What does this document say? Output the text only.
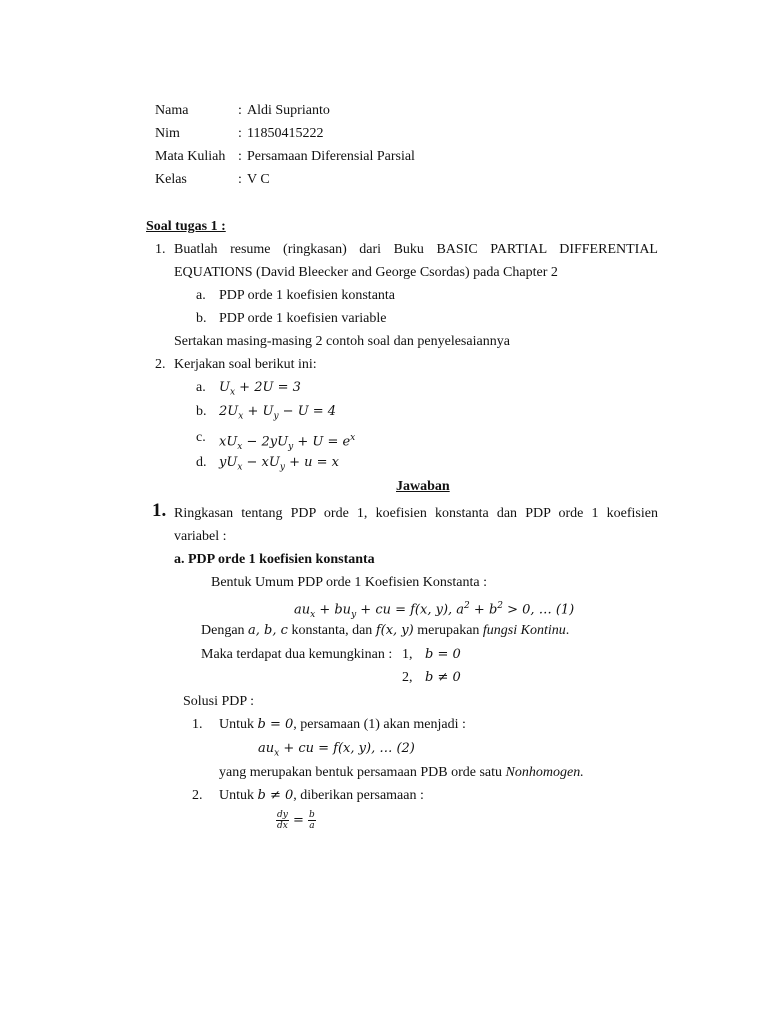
Nama	: Aldi Suprianto
Nim	: 11850415222
Mata Kuliah : Persamaan Diferensial Parsial
Kelas	: V C
Soal tugas 1 :
1. Buatlah resume (ringkasan) dari Buku BASIC PARTIAL DIFFERENTIAL
EQUATIONS (David Bleecker and George Csordas) pada Chapter 2
a. PDP orde 1 koefisien konstanta
b. PDP orde 1 koefisien variable
Sertakan masing-masing 2 contoh soal dan penyelesaiannya
2. Kerjakan soal berikut ini:
a. $U_x + 2U = 3$
b. $2U_x + U_y - U = 4$
c. $xU_x - 2yU_y + U = e^x$
d. $yU_x - xU_y + u = x$
Jawaban
1. Ringkasan tentang PDP orde 1, koefisien konstanta dan PDP orde 1 koefisien
variabel :
a. PDP orde 1 koefisien konstanta
Bentuk Umum PDP orde 1 Koefisien Konstanta :
$au_x + bu_y$ + cu = f(x, y), $a^2 + b^2 > 0$, … (1)
Dengan a, b, c konstanta, dan f(x, y) merupakan fungsi Kontinu.
Maka terdapat dua kemungkinan : 1, b = 0
2, b ≠ 0
Solusi PDP :
1. Untuk b = 0, persamaan (1) akan menjadi :
$au_x$ + cu = f(x, y), … (2)
yang merupakan bentuk persamaan PDB orde satu Nonhomogen.
2. Untuk b ≠ 0, diberikan persamaan :
$\frac{dy}{dx} = \frac{b}{a}$
